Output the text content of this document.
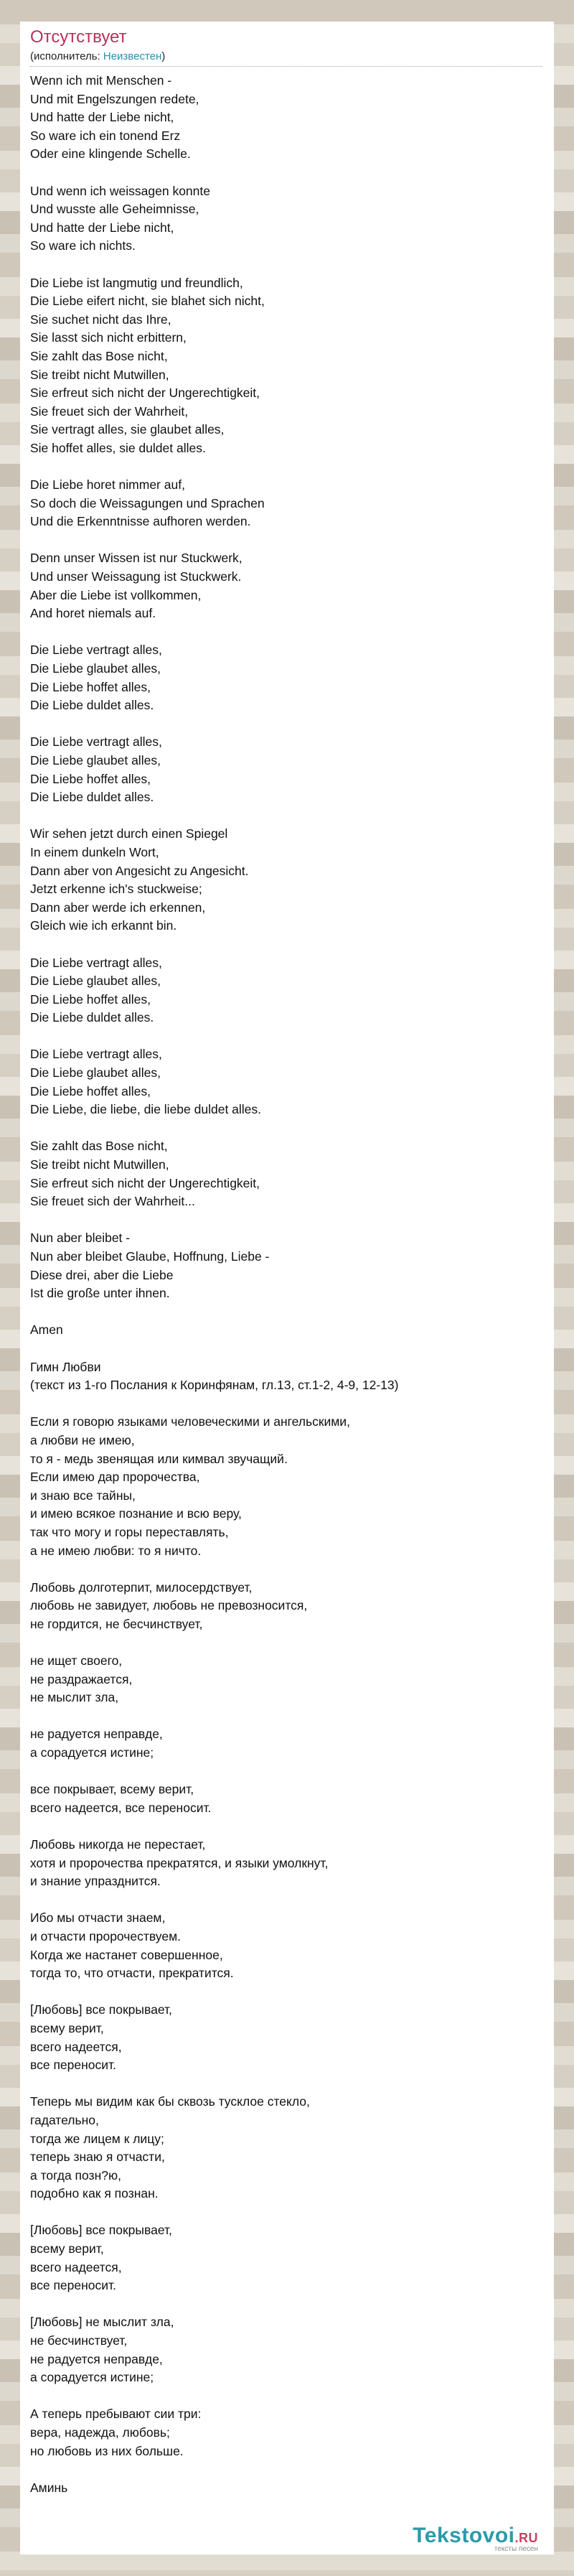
Отсутствует
(исполнитель: Неизвестен)
Wenn ich mit Menschen -
Und mit Engelszungen redete,
Und hatte der Liebe nicht,
So ware ich ein tonend Erz
Oder eine klingende Schelle.
Und wenn ich weissagen konnte
Und wusste alle Geheimnisse,
Und hatte der Liebe nicht,
So ware ich nichts.
Die Liebe ist langmutig und freundlich,
Die Liebe eifert nicht, sie blahet sich nicht,
Sie suchet nicht das Ihre,
Sie lasst sich nicht erbittern,
Sie zahlt das Bose nicht,
Sie treibt nicht Mutwillen,
Sie erfreut sich nicht der Ungerechtigkeit,
Sie freuet sich der Wahrheit,
Sie vertragt alles, sie glaubet alles,
Sie hoffet alles, sie duldet alles.
Die Liebe horet nimmer auf,
So doch die Weissagungen und Sprachen
Und die Erkenntnisse aufhoren werden.
Denn unser Wissen ist nur Stuckwerk,
Und unser Weissagung ist Stuckwerk.
Aber die Liebe ist vollkommen,
And horet niemals auf.
Die Liebe vertragt alles,
Die Liebe glaubet alles,
Die Liebe hoffet alles,
Die Liebe duldet alles.
Die Liebe vertragt alles,
Die Liebe glaubet alles,
Die Liebe hoffet alles,
Die Liebe duldet alles.
Wir sehen jetzt durch einen Spiegel
In einem dunkeln Wort,
Dann aber von Angesicht zu Angesicht.
Jetzt erkenne ich's stuckweise;
Dann aber werde ich erkennen,
Gleich wie ich erkannt bin.
Die Liebe vertragt alles,
Die Liebe glaubet alles,
Die Liebe hoffet alles,
Die Liebe duldet alles.
Die Liebe vertragt alles,
Die Liebe glaubet alles,
Die Liebe hoffet alles,
Die Liebe, die liebe, die liebe duldet alles.
Sie zahlt das Bose nicht,
Sie treibt nicht Mutwillen,
Sie erfreut sich nicht der Ungerechtigkeit,
Sie freuet sich der Wahrheit...
Nun aber bleibet -
Nun aber bleibet Glaube, Hoffnung, Liebe -
Diese drei, aber die Liebe
Ist die große unter ihnen.
Amen
Гимн Любви
(текст из 1-го Послания к Коринфянам, гл.13, ст.1-2, 4-9, 12-13)
Если я говорю языками человеческими и ангельскими,
а любви не имею,
то я - медь звенящая или кимвал звучащий.
Если имею дар пророчества,
и знаю все тайны,
и имею всякое познание и всю веру,
так что могу и горы переставлять,
а не имею любви: то я ничто.
Любовь долготерпит, милосердствует,
любовь не завидует, любовь не превозносится,
не гордится, не бесчинствует,
не ищет своего,
не раздражается,
не мыслит зла,
не радуется неправде,
а сорадуется истине;
все покрывает, всему верит,
всего надеется, все переносит.
Любовь никогда не перестает,
хотя и пророчества прекратятся, и языки умолкнут,
и знание упразднится.
Ибо мы отчасти знаем,
и отчасти пророчествуем.
Когда же настанет совершенное,
тогда то, что отчасти, прекратится.
[Любовь] все покрывает,
всему верит,
всего надеется,
все переносит.
Теперь мы видим как бы сквозь тусклое стекло,
гадательно,
тогда же лицем к лицу;
теперь знаю я отчасти,
а тогда позн?ю,
подобно как я познан.
[Любовь] все покрывает,
всему верит,
всего надеется,
все переносит.
[Любовь] не мыслит зла,
не бесчинствует,
не радуется неправде,
а сорадуется истине;
А теперь пребывают сии три:
вера, надежда, любовь;
но любовь из них больше.
Аминь
Tekstovoi.RU
тексты песен
